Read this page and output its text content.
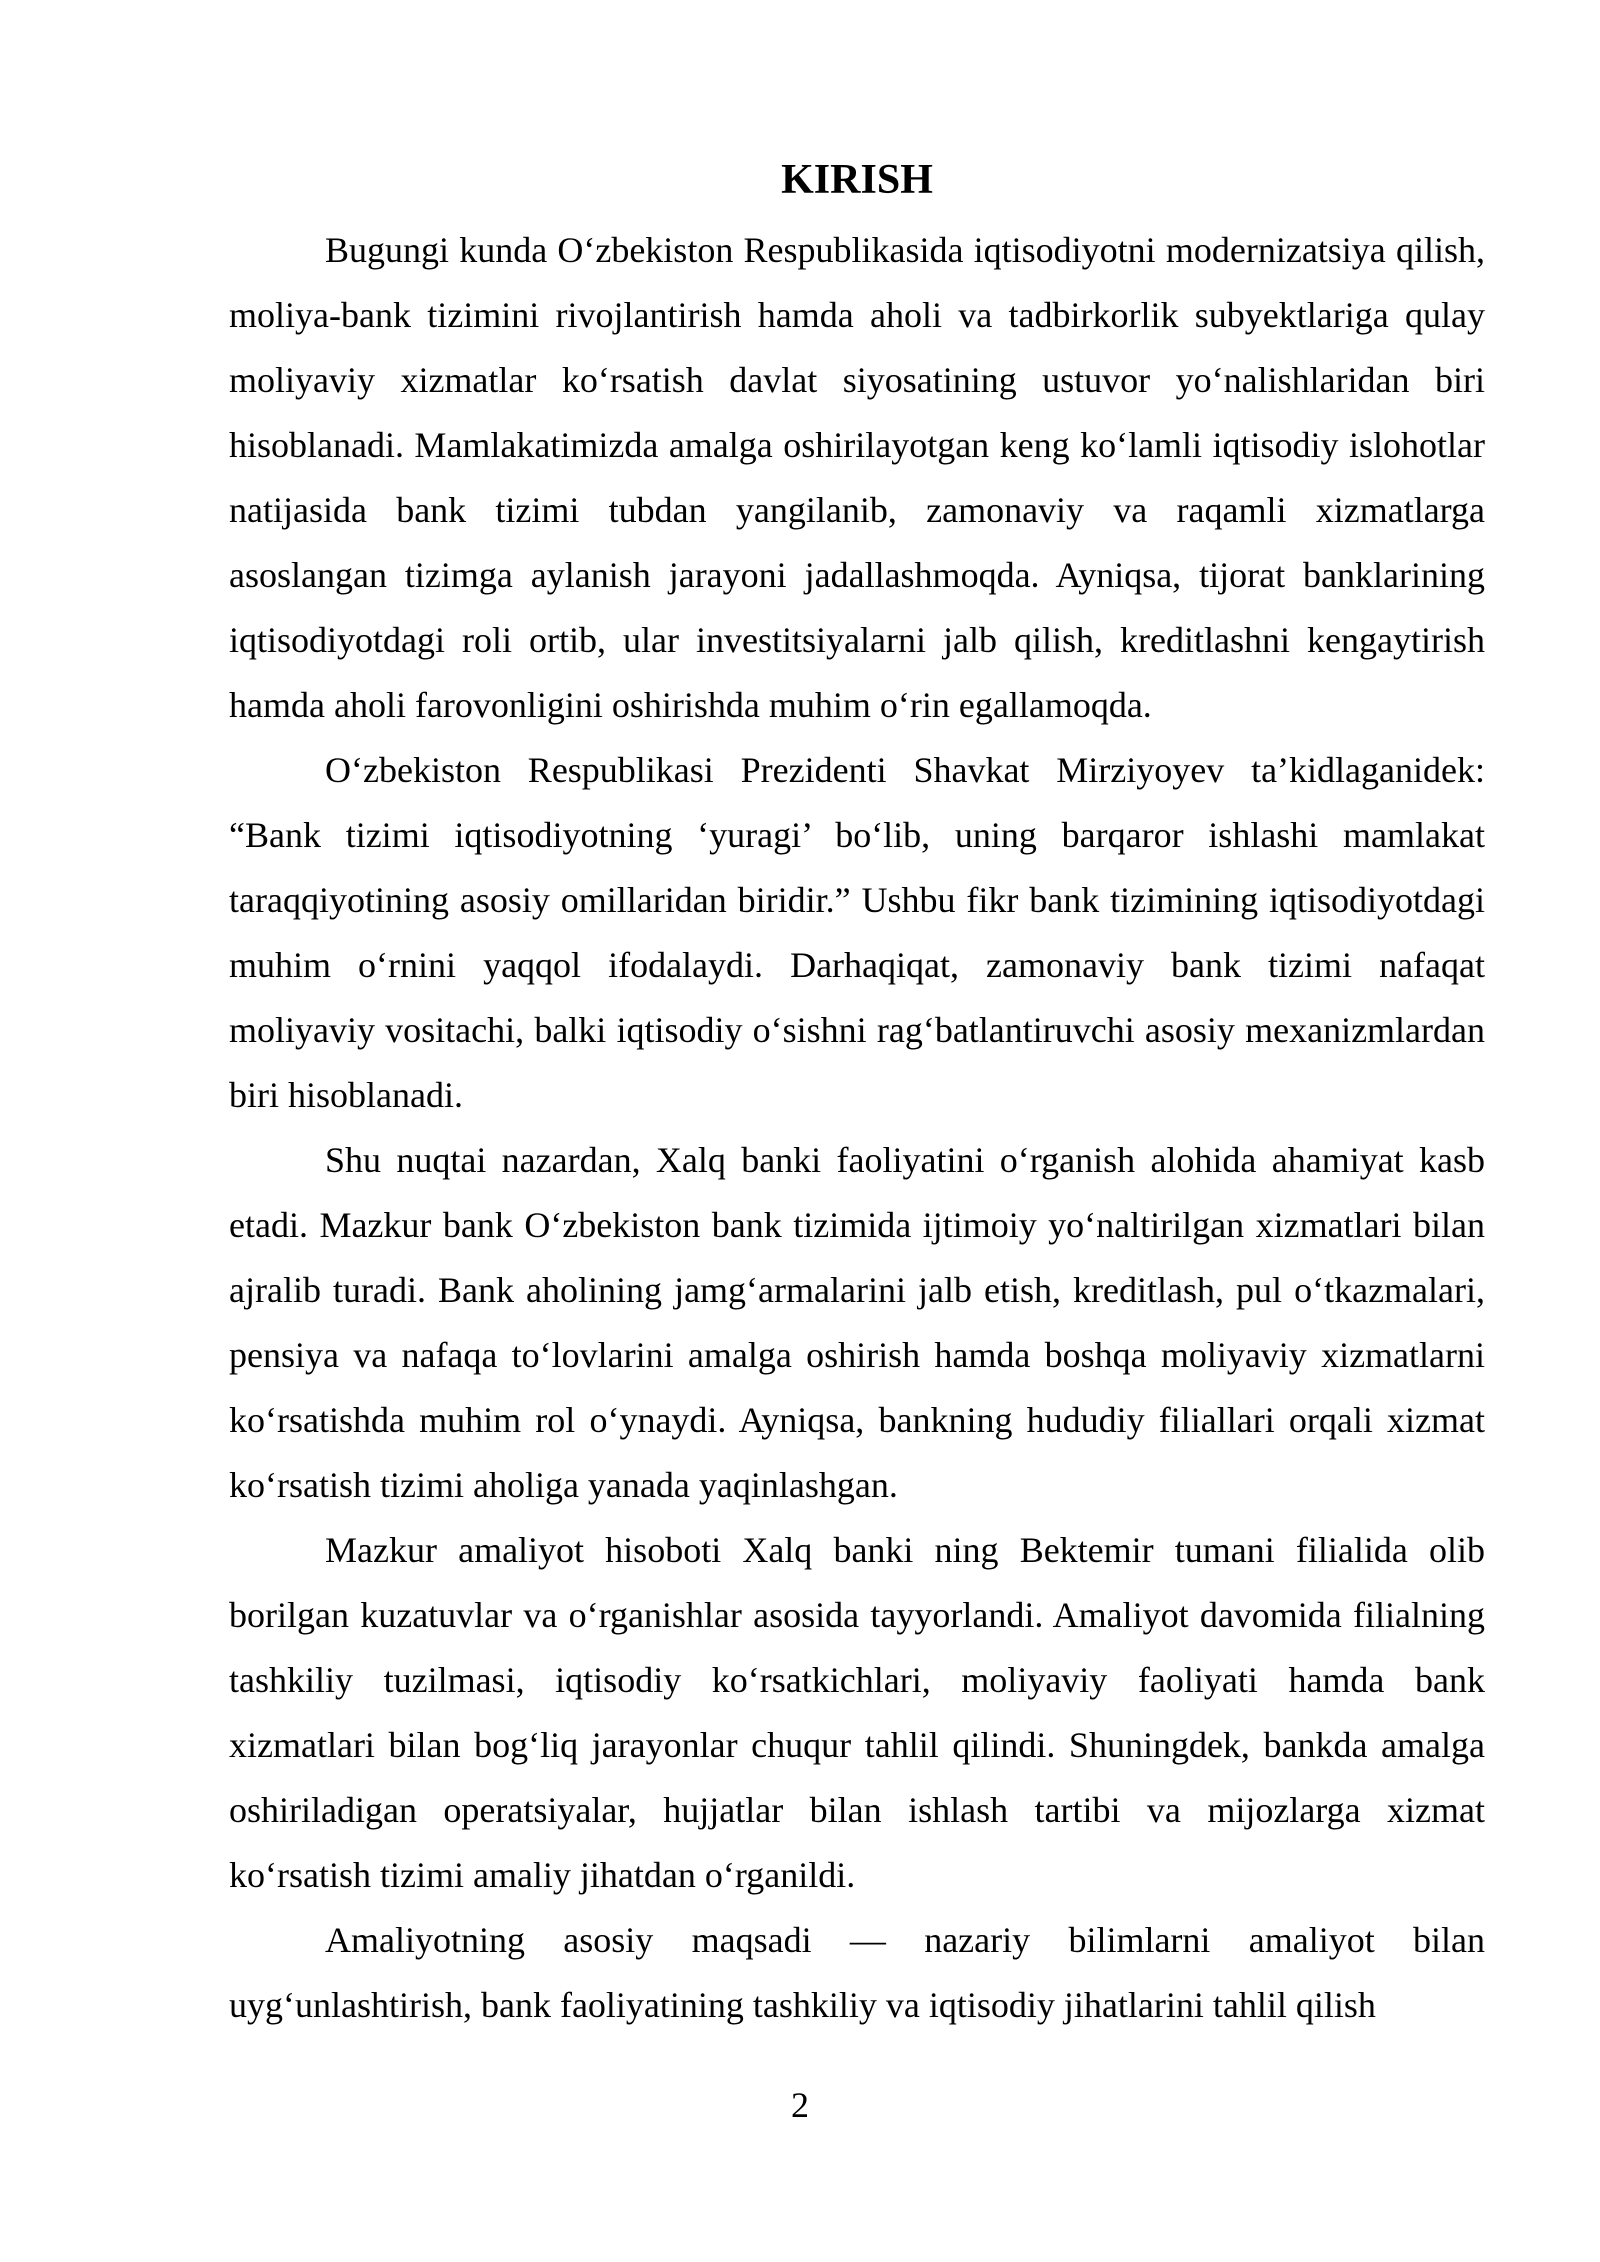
KIRISH

Bugungi kunda O‘zbekiston Respublikasida iqtisodiyotni modernizatsiya qilish, moliya-bank tizimini rivojlantirish hamda aholi va tadbirkorlik subyektlariga qulay moliyaviy xizmatlar ko‘rsatish davlat siyosatining ustuvor yo‘nalishlaridan biri hisoblanadi. Mamlakatimizda amalga oshirilayotgan keng ko‘lamli iqtisodiy islohotlar natijasida bank tizimi tubdan yangilanib, zamonaviy va raqamli xizmatlarga asoslangan tizimga aylanish jarayoni jadallashmoqda. Ayniqsa, tijorat banklarining iqtisodiyotdagi roli ortib, ular investitsiyalarni jalb qilish, kreditlashni kengaytirish hamda aholi farovonligini oshirishda muhim o‘rin egallamoqda.

O‘zbekiston Respublikasi Prezidenti Shavkat Mirziyoyev ta’kidlaganidek: “Bank tizimi iqtisodiyotning ‘yuragi’ bo‘lib, uning barqaror ishlashi mamlakat taraqqiyotining asosiy omillaridan biridir.” Ushbu fikr bank tizimining iqtisodiyotdagi muhim o‘rnini yaqqol ifodalaydi. Darhaqiqat, zamonaviy bank tizimi nafaqat moliyaviy vositachi, balki iqtisodiy o‘sishni rag‘batlantiruvchi asosiy mexanizmlardan biri hisoblanadi.

Shu nuqtai nazardan, Xalq banki faoliyatini o‘rganish alohida ahamiyat kasb etadi. Mazkur bank O‘zbekiston bank tizimida ijtimoiy yo‘naltirilgan xizmatlari bilan ajralib turadi. Bank aholining jamg‘armalarini jalb etish, kreditlash, pul o‘tkazmalari, pensiya va nafaqa to‘lovlarini amalga oshirish hamda boshqa moliyaviy xizmatlarni ko‘rsatishda muhim rol o‘ynaydi. Ayniqsa, bankning hududiy filiallari orqali xizmat ko‘rsatish tizimi aholiga yanada yaqinlashgan.

Mazkur amaliyot hisoboti Xalq banki ning Bektemir tumani filialida olib borilgan kuzatuvlar va o‘rganishlar asosida tayyorlandi. Amaliyot davomida filialning tashkiliy tuzilmasi, iqtisodiy ko‘rsatkichlari, moliyaviy faoliyati hamda bank xizmatlari bilan bog‘liq jarayonlar chuqur tahlil qilindi. Shuningdek, bankda amalga oshiriladigan operatsiyalar, hujjatlar bilan ishlash tartibi va mijozlarga xizmat ko‘rsatish tizimi amaliy jihatdan o‘rganildi.

Amaliyotning asosiy maqsadi — nazariy bilimlarni amaliyot bilan uyg‘unlashtirish, bank faoliyatining tashkiliy va iqtisodiy jihatlarini tahlil qilish

2
